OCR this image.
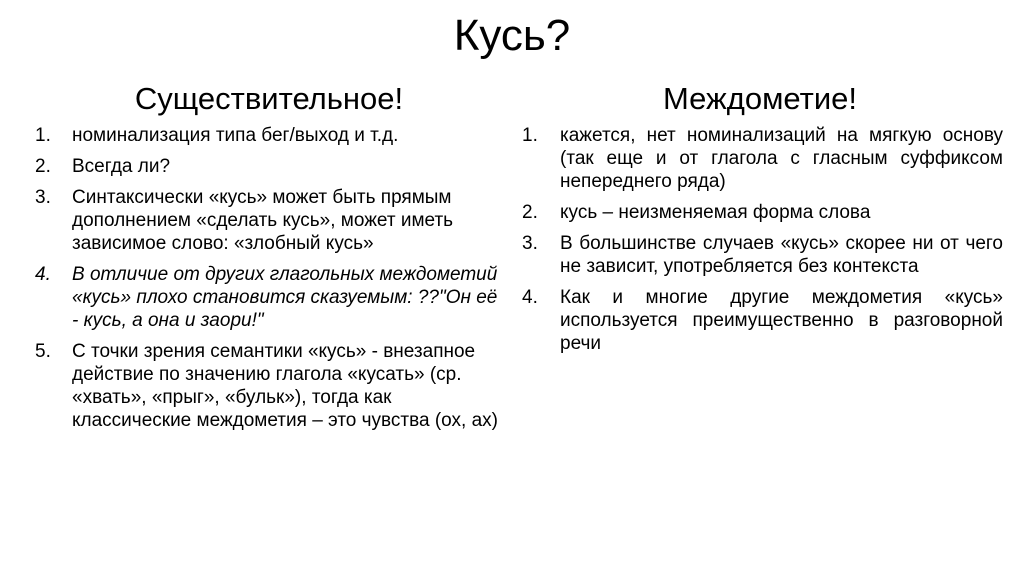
Кусь?
Существительное!
1. номинализация типа бег/выход и т.д.
2. Всегда ли?
3. Синтаксически «кусь» может быть прямым дополнением «сделать кусь», может иметь зависимое слово: «злобный кусь»
4. В отличие от других глагольных междометий «кусь» плохо становится сказуемым: ??"Он её - кусь, а она и заори!"
5. С точки зрения семантики «кусь» - внезапное действие по значению глагола «кусать» (ср. «хвать», «прыг», «бульк»), тогда как классические междометия – это чувства (ох, ах)
Междометие!
1. кажется, нет номинализаций на мягкую основу (так еще и от глагола с гласным суффиксом непереднего ряда)
2. кусь – неизменяемая форма слова
3. В большинстве случаев «кусь» скорее ни от чего не зависит, употребляется без контекста
4. Как и многие другие междометия «кусь» используется преимущественно в разговорной речи
